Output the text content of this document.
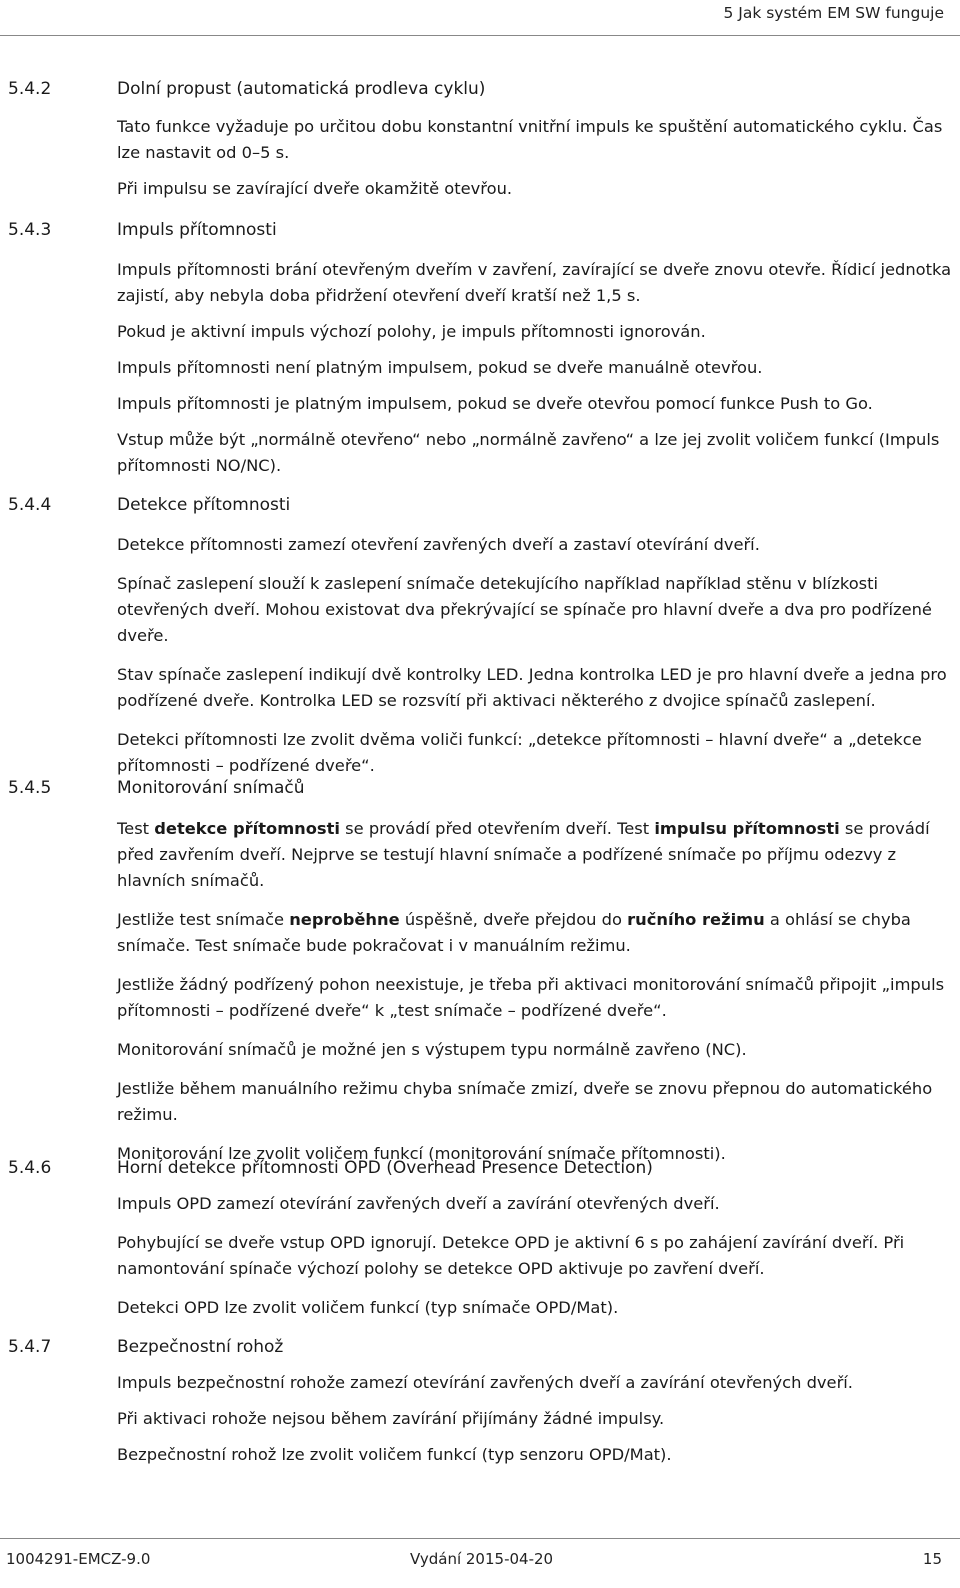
5 Jak systém EM SW funguje
5.4.2	Dolní propust (automatická prodleva cyklu)

Tato funkce vyžaduje po určitou dobu konstantní vnitřní impuls ke spuštění automatického cyklu. Čas lze nastavit od 0–5 s.

Při impulsu se zavírající dveře okamžitě otevřou.

5.4.3	Impuls přítomnosti

Impuls přítomnosti brání otevřeným dveřím v zavření, zavírající se dveře znovu otevře. Řídicí jednotka zajistí, aby nebyla doba přidržení otevření dveří kratší než 1,5 s.

Pokud je aktivní impuls výchozí polohy, je impuls přítomnosti ignorován.

Impuls přítomnosti není platným impulsem, pokud se dveře manuálně otevřou.

Impuls přítomnosti je platným impulsem, pokud se dveře otevřou pomocí funkce Push to Go.

Vstup může být „normálně otevřeno“ nebo „normálně zavřeno“ a lze jej zvolit voličem funkcí (Impuls přítomnosti NO/NC).

5.4.4	Detekce přítomnosti

Detekce přítomnosti zamezí otevření zavřených dveří a zastaví otevírání dveří.

Spínač zaslepení slouží k zaslepení snímače detekujícího například například stěnu v blízkosti otevřených dveří. Mohou existovat dva překrývající se spínače pro hlavní dveře a dva pro podřízené dveře.

Stav spínače zaslepení indikují dvě kontrolky LED. Jedna kontrolka LED je pro hlavní dveře a jedna pro podřízené dveře. Kontrolka LED se rozsvítí při aktivaci některého z dvojice spínačů zaslepení.

Detekci přítomnosti lze zvolit dvěma voliči funkcí: „detekce přítomnosti – hlavní dveře“ a „detekce přítomnosti – podřízené dveře“.

5.4.5	Monitorování snímačů

Test detekce přítomnosti se provádí před otevřením dveří. Test impulsu přítomnosti se provádí před zavřením dveří. Nejprve se testují hlavní snímače a podřízené snímače po příjmu odezvy z hlavních snímačů.

Jestliže test snímače neproběhne úspěšně, dveře přejdou do ručního režimu a ohlásí se chyba snímače. Test snímače bude pokračovat i v manuálním režimu.

Jestliže žádný podřízený pohon neexistuje, je třeba při aktivaci monitorování snímačů připojit „impuls přítomnosti – podřízené dveře“ k „test snímače – podřízené dveře“.

Monitorování snímačů je možné jen s výstupem typu normálně zavřeno (NC).

Jestliže během manuálního režimu chyba snímače zmizí, dveře se znovu přepnou do automatického režimu.

Monitorování lze zvolit voličem funkcí (monitorování snímače přítomnosti).

5.4.6	Horní detekce přítomnosti OPD (Overhead Presence Detection)

Impuls OPD zamezí otevírání zavřených dveří a zavírání otevřených dveří.

Pohybující se dveře vstup OPD ignorují. Detekce OPD je aktivní 6 s po zahájení zavírání dveří. Při namontování spínače výchozí polohy se detekce OPD aktivuje po zavření dveří.

Detekci OPD lze zvolit voličem funkcí (typ snímače OPD/Mat).

5.4.7	Bezpečnostní rohož

Impuls bezpečnostní rohože zamezí otevírání zavřených dveří a zavírání otevřených dveří.

Při aktivaci rohože nejsou během zavírání přijímány žádné impulsy.

Bezpečnostní rohož lze zvolit voličem funkcí (typ senzoru OPD/Mat).

1004291-EMCZ-9.0	Vydání 2015-04-20	15
